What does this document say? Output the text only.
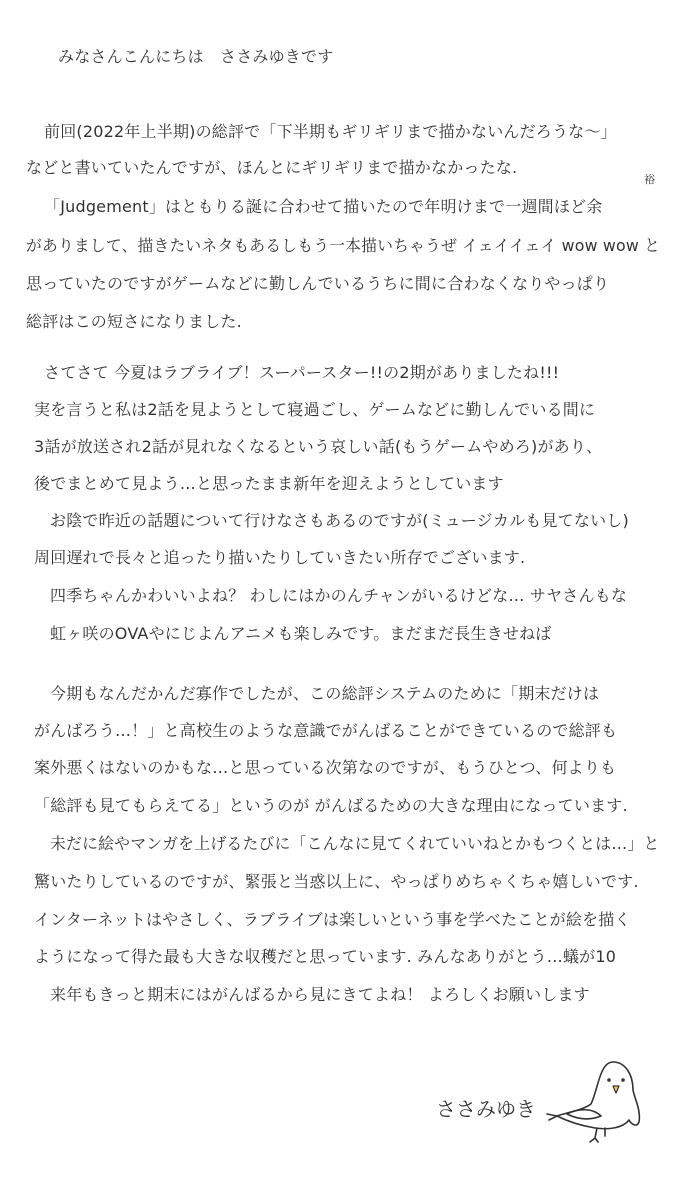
みなさんこんにちは　ささみゆきです
前回(2022年上半期)の総評で「下半期もギリギリまで描かないんだろうな〜」
などと書いていたんですが、ほんとにギリギリまで描かなかったな.
「Judgement」はともりる誕に合わせて描いたので年明けまで一週間ほど余
裕
がありまして、描きたいネタもあるしもう一本描いちゃうぜ イェイイェイ wow wow と
思っていたのですがゲームなどに勤しんでいるうちに間に合わなくなりやっぱり
総評はこの短さになりました.
さてさて 今夏はラブライブ！スーパースター!!の2期がありましたね!!!
実を言うと私は2話を見ようとして寝過ごし、ゲームなどに勤しんでいる間に
3話が放送され2話が見れなくなるという哀しい話(もうゲームやめろ)があり、
後でまとめて見よう…と思ったまま新年を迎えようとしています
お陰で昨近の話題について行けなさもあるのですが(ミュージカルも見てないし)
周回遅れで長々と追ったり描いたりしていきたい所存でございます.
四季ちゃんかわいいよね？ わしにはかのんチャンがいるけどな… サヤさんもな
虹ヶ咲のOVAやにじよんアニメも楽しみです。まだまだ長生きせねば
今期もなんだかんだ寡作でしたが、この総評システムのために「期末だけは
がんばろう…！」と高校生のような意識でがんばることができているので総評も
案外悪くはないのかもな…と思っている次第なのですが、もうひとつ、何よりも
「総評も見てもらえてる」というのが がんばるための大きな理由になっています.
未だに絵やマンガを上げるたびに「こんなに見てくれていいねとかもつくとは…」と
驚いたりしているのですが、緊張と当惑以上に、やっぱりめちゃくちゃ嬉しいです.
インターネットはやさしく、ラブライブは楽しいという事を学べたことが絵を描く
ようになって得た最も大きな収穫だと思っています. みんなありがとう…蟻が10
来年もきっと期末にはがんばるから見にきてよね！ よろしくお願いします
ささみゆき
